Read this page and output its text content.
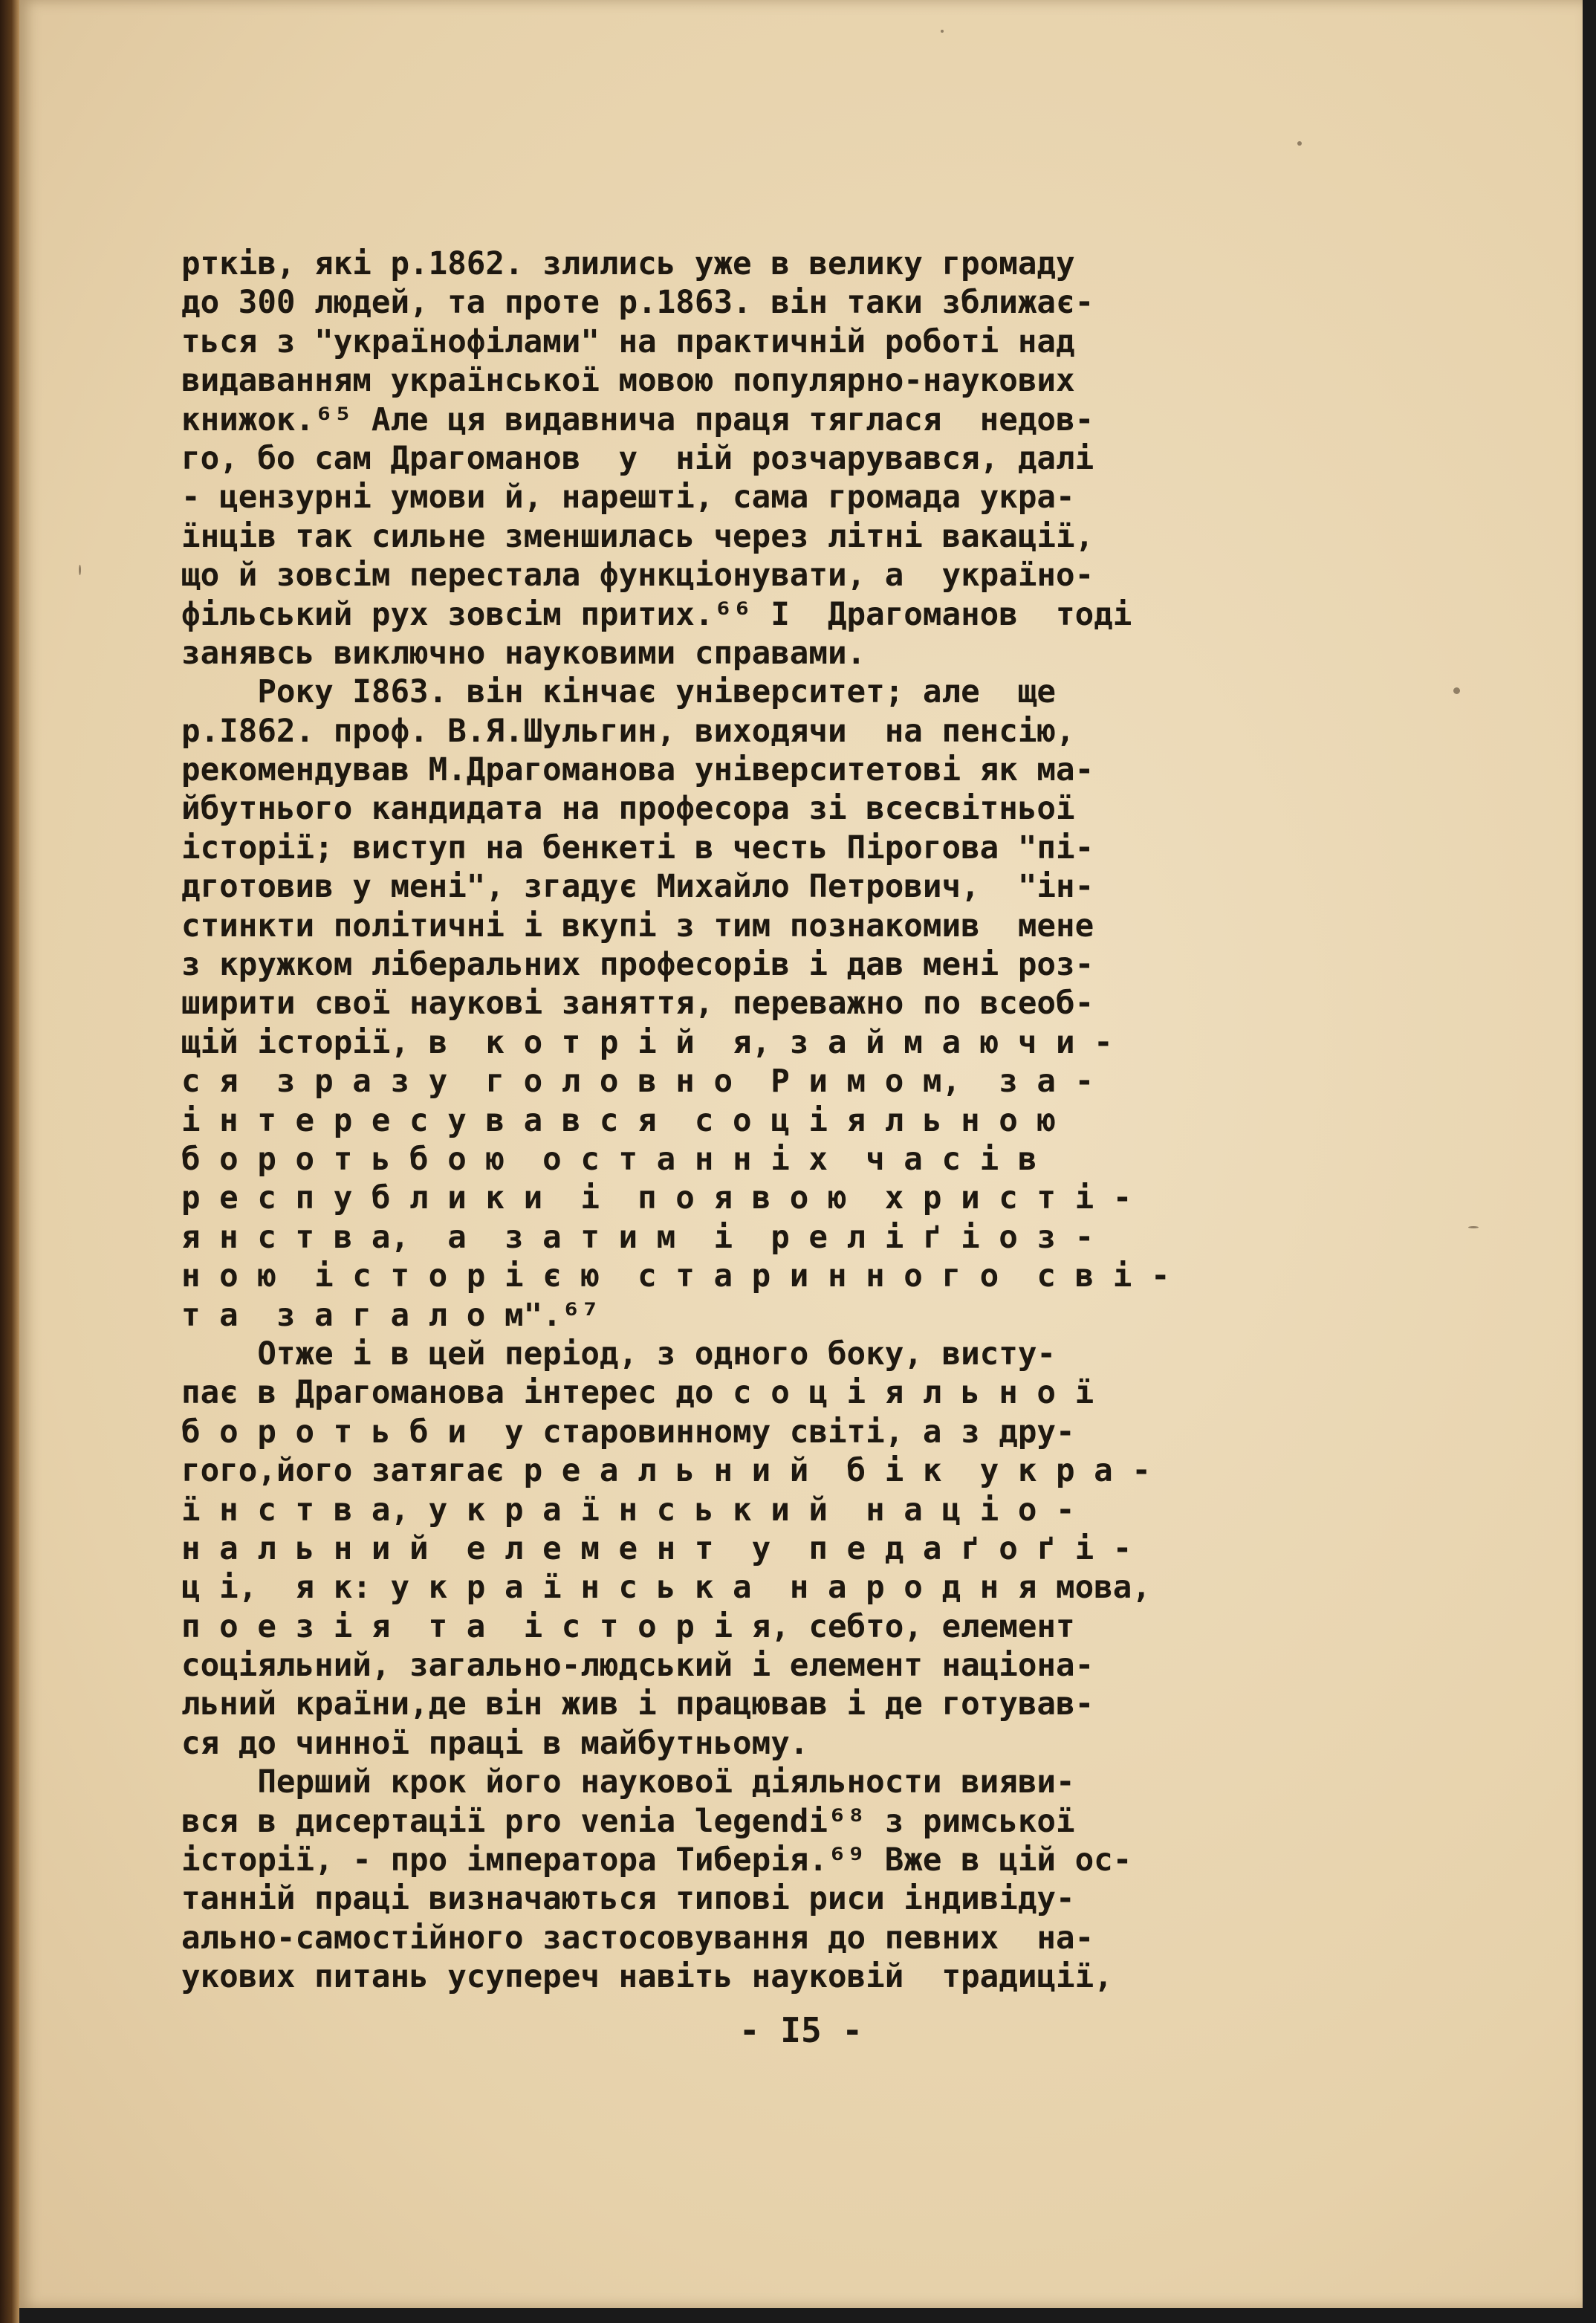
рткiв, якi р.1862. злились уже в велику громаду
до 300 людей, та проте р.1863. вiн таки зближає-
ться з "українофiлами" на практичнiй роботi над
видаванням української мовою популярно-наукових
книжок.⁶⁵ Але ця видавнича праця тяглася  недов-
го, бо сам Драгоманов  у  нiй розчарувався, далi
- цензурнi умови й, нарештi, сама громада укра-
їнцiв так сильне зменшилась через лiтнi вакацiї,
що й зовсiм перестала функцiонувати, а  україно-
фiльський рух зовсiм притих.⁶⁶ I  Драгоманов  тодi
занявсь виключно науковими справами.
Року I863. вiн кiнчає унiверситет; але  ще
р.I862. проф. В.Я.Шульгин, виходячи  на пенсiю,
рекомендував М.Драгоманова унiверситетовi як ма-
йбутнього кандидата на професора зi всесвiтньої
iсторiї; виступ на бенкетi в честь Пiрогова "пi-
дготовив у менi", згадує Михайло Петрович,  "iн-
стинкти полiтичнi i вкупi з тим познакомив  мене
з кружком лiберальних професорiв i дав менi роз-
ширити свої науковi заняття, переважно по всеоб-
щiй iсторiї, в  к о т р i й  я, з а й м а ю ч и -
с я  з р а з у  г о л о в н о  Р и м о м,  з а -
i н т е р е с у в а в с я  с о ц i я л ь н о ю
б о р о т ь б о ю  о с т а н н i х  ч а с i в
р е с п у б л и к и  i  п о я в о ю  х р и с т i -
я н с т в а,  а  з а т и м  i  р е л i ґ i о з -
н о ю  i с т о р i є ю  с т а р и н н о г о  с в i -
т а  з а г а л о м".⁶⁷
Отже i в цей перiод, з одного боку, висту-
пає в Драгоманова iнтерес до с о ц i я л ь н о ї
б о р о т ь б и  у старовинному свiтi, а з дру-
гого,його затягає р е а л ь н и й  б i к  у к р а -
ї н с т в а, у к р а ї н с ь к и й  н а ц i о -
н а л ь н и й  е л е м е н т  у  п е д а ґ о ґ i -
ц i,  я к: у к р а ї н с ь к а  н а р о д н я мова,
п о е з i я  т а  i с т о р i я, себто, елемент
соцiяльний, загально-людський i елемент нацiона-
льний країни,де вiн жив i працював i де готував-
ся до чинної працi в майбутньому.
Перший крок його наукової дiяльности вияви-
вся в дисертацiї pro venia legendi⁶⁸ з римської
iсторiї, - про iмператора Тиберiя.⁶⁹ Вже в цiй ос-
таннiй працi визначаються типовi риси iндивiду-
ально-самостiйного застосовування до певних  на-
укових питань усупереч навiть науковiй  традицiї,
- I5 -
